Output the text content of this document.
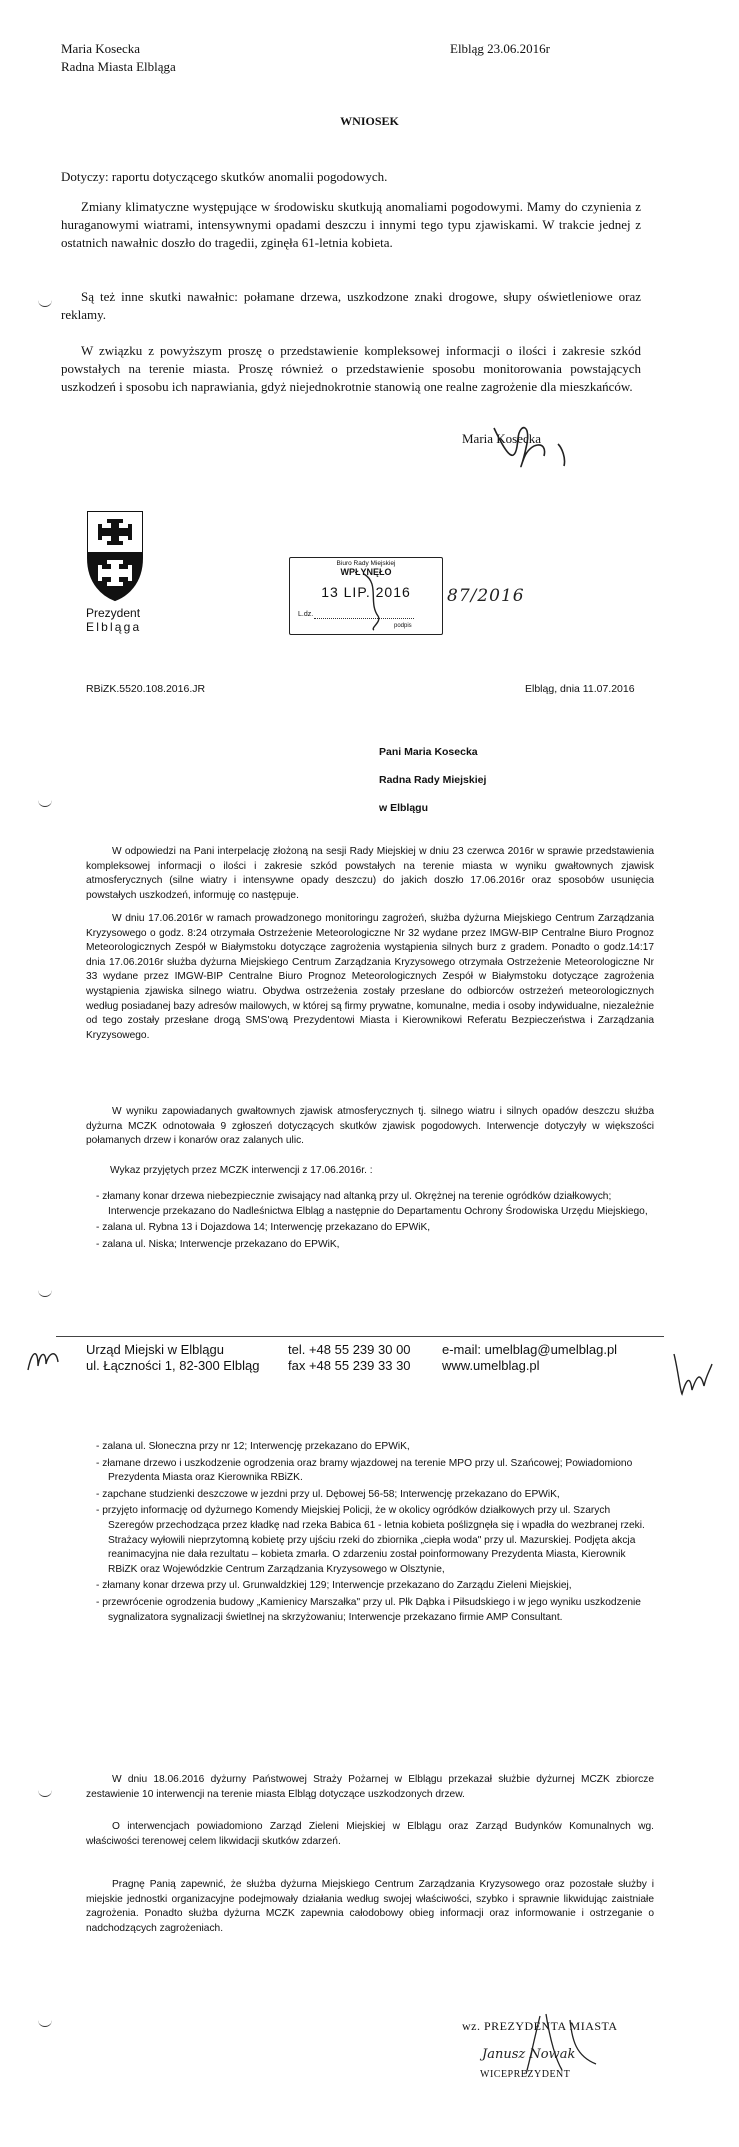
Maria Kosecka
Radna Miasta Elbląga
Elbląg 23.06.2016r
WNIOSEK
Dotyczy: raportu dotyczącego skutków anomalii pogodowych.

Zmiany klimatyczne występujące w środowisku skutkują anomaliami pogodowymi. Mamy do czynienia z huraganowymi wiatrami, intensywnymi opadami deszczu i innymi tego typu zjawiskami. W trakcie jednej z ostatnich nawałnic doszło do tragedii, zginęła 61-letnia kobieta.

Są też inne skutki nawałnic: połamane drzewa, uszkodzone znaki drogowe, słupy oświetleniowe oraz reklamy.

W związku z powyższym proszę o przedstawienie kompleksowej informacji o ilości i zakresie szkód powstałych na terenie miasta. Proszę również o przedstawienie sposobu monitorowania powstających uszkodzeń i sposobu ich naprawiania, gdyż niejednokrotnie stanowią one realne zagrożenie dla mieszkańców.

Maria Kosecka
Prezydent
Elbląga
Biuro Rady Miejskiej
WPŁYNĘŁO
13 LIP. 2016
L.dz.
podpis
87/2016
RBiZK.5520.108.2016.JR	Elbląg, dnia 11.07.2016
Pani Maria Kosecka
Radna Rady Miejskiej
w Elblągu

W odpowiedzi na Pani interpelację złożoną na sesji Rady Miejskiej w dniu 23 czerwca 2016r w sprawie przedstawienia kompleksowej informacji o ilości i zakresie szkód powstałych na terenie miasta w wyniku gwałtownych zjawisk atmosferycznych (silne wiatry i intensywne opady deszczu) do jakich doszło 17.06.2016r oraz sposobów usunięcia powstałych uszkodzeń, informuję co następuje.

W dniu 17.06.2016r w ramach prowadzonego monitoringu zagrożeń, służba dyżurna Miejskiego Centrum Zarządzania Kryzysowego o godz. 8:24 otrzymała Ostrzeżenie Meteorologiczne Nr 32 wydane przez IMGW-BIP Centralne Biuro Prognoz Meteorologicznych Zespół w Białymstoku dotyczące zagrożenia wystąpienia silnych burz z gradem. Ponadto o godz.14:17 dnia 17.06.2016r służba dyżurna Miejskiego Centrum Zarządzania Kryzysowego otrzymała Ostrzeżenie Meteorologiczne Nr 33 wydane przez IMGW-BIP Centralne Biuro Prognoz Meteorologicznych Zespół w Białymstoku dotyczące zagrożenia wystąpienia zjawiska silnego wiatru. Obydwa ostrzeżenia zostały przesłane do odbiorców ostrzeżeń meteorologicznych według posiadanej bazy adresów mailowych, w której są firmy prywatne, komunalne, media i osoby indywidualne, niezależnie od tego zostały przesłane drogą SMS'ową Prezydentowi Miasta i Kierownikowi Referatu Bezpieczeństwa i Zarządzania Kryzysowego.

W wyniku zapowiadanych gwałtownych zjawisk atmosferycznych tj. silnego wiatru i silnych opadów deszczu służba dyżurna MCZK odnotowała 9 zgłoszeń dotyczących skutków zjawisk pogodowych. Interwencje dotyczyły w większości połamanych drzew i konarów oraz zalanych ulic.

Wykaz przyjętych przez MCZK interwencji z 17.06.2016r. :
- złamany konar drzewa niebezpiecznie zwisający nad altanką przy ul. Okrężnej na terenie ogródków działkowych; Interwencje przekazano do Nadleśnictwa Elbląg a następnie do Departamentu Ochrony Środowiska Urzędu Miejskiego,
- zalana ul. Rybna 13 i Dojazdowa 14; Interwencję przekazano do EPWiK,
- zalana ul. Niska; Interwencje przekazano do EPWiK,
Urząd Miejski w Elblągu
ul. Łączności 1, 82-300 Elbląg
tel. +48 55 239 30 00
fax +48 55 239 33 30
e-mail: umelblag@umelblag.pl
www.umelblag.pl
- zalana ul. Słoneczna przy nr 12; Interwencję przekazano do EPWiK,
- złamane drzewo i uszkodzenie ogrodzenia oraz bramy wjazdowej na terenie MPO przy ul. Szańcowej; Powiadomiono Prezydenta Miasta oraz Kierownika RBiZK.
- zapchane studzienki deszczowe w jezdni przy ul. Dębowej 56-58; Interwencję przekazano do EPWiK,
- przyjęto informację od dyżurnego Komendy Miejskiej Policji, że w okolicy ogródków działkowych przy ul. Szarych Szeregów przechodząca przez kładkę nad rzeka Babica 61 - letnia kobieta poślizgnęła się i wpadła do wezbranej rzeki. Strażacy wyłowili nieprzytomną kobietę przy ujściu rzeki do zbiornika „ciepła woda" przy ul. Mazurskiej. Podjęta akcja reanimacyjna nie dała rezultatu – kobieta zmarła. O zdarzeniu został poinformowany Prezydenta Miasta, Kierownik RBiZK oraz Wojewódzkie Centrum Zarządzania Kryzysowego w Olsztynie,
- złamany konar drzewa przy ul. Grunwaldzkiej 129; Interwencje przekazano do Zarządu Zieleni Miejskiej,
- przewrócenie ogrodzenia budowy „Kamienicy Marszałka" przy ul. Płk Dąbka i Piłsudskiego i w jego wyniku uszkodzenie sygnalizatora sygnalizacji świetlnej na skrzyżowaniu; Interwencje przekazano firmie AMP Consultant.

W dniu 18.06.2016 dyżurny Państwowej Straży Pożarnej w Elblągu przekazał służbie dyżurnej MCZK zbiorcze zestawienie 10 interwencji na terenie miasta Elbląg dotyczące uszkodzonych drzew.

O interwencjach powiadomiono Zarząd Zieleni Miejskiej w Elblągu oraz Zarząd Budynków Komunalnych wg. właściwości terenowej celem likwidacji skutków zdarzeń.

Pragnę Panią zapewnić, że służba dyżurna Miejskiego Centrum Zarządzania Kryzysowego oraz pozostałe służby i miejskie jednostki organizacyjne podejmowały działania według swojej właściwości, szybko i sprawnie likwidując zaistniałe zagrożenia. Ponadto służba dyżurna MCZK zapewnia całodobowy obieg informacji oraz informowanie i ostrzeganie o nadchodzących zagrożeniach.

wz. PREZYDENTA MIASTA
Janusz Nowak
WICEPREZYDENT
